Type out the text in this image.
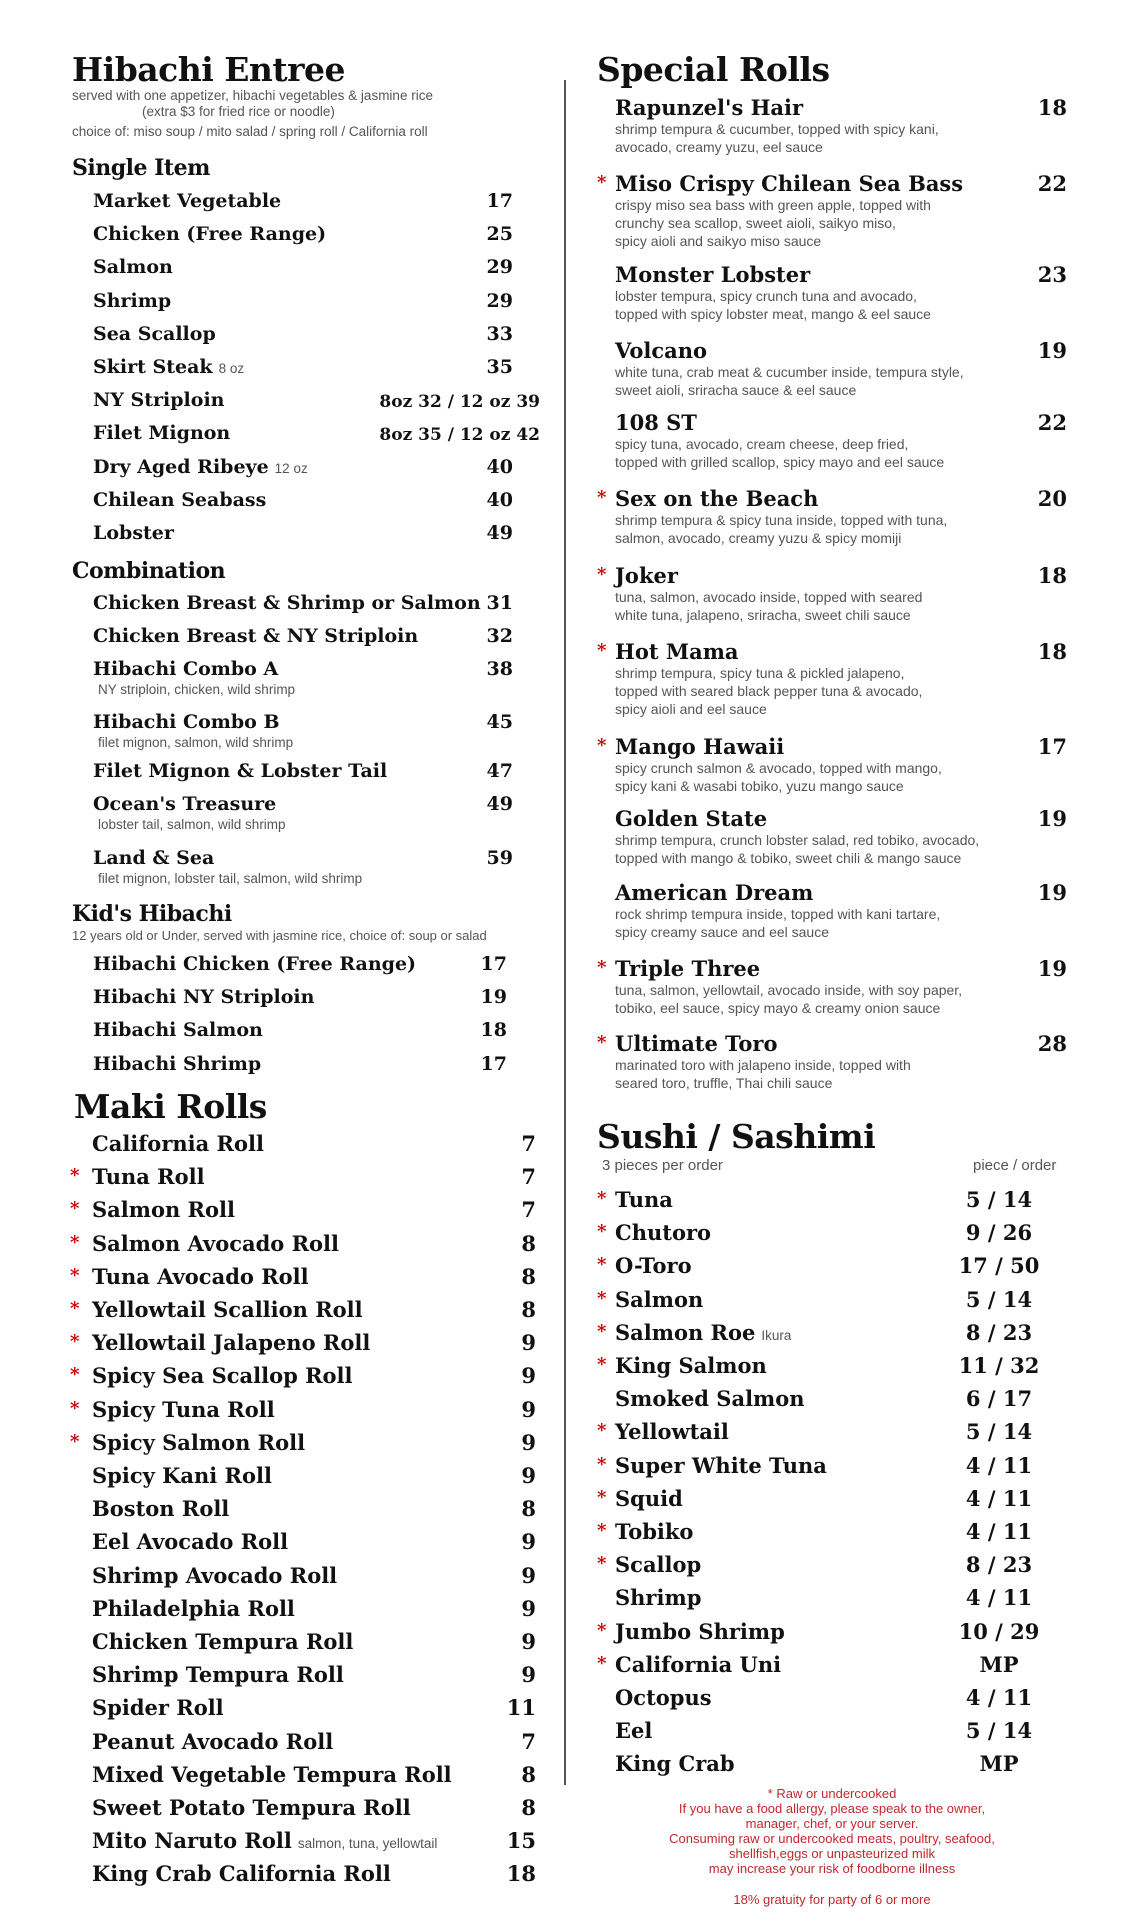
Hibachi Entree
served with one appetizer, hibachi vegetables & jasmine rice
(extra $3 for fried rice or noodle)
choice of: miso soup / mito salad / spring roll / California roll
Single Item
Market Vegetable	17
Chicken (Free Range)	25
Salmon	29
Shrimp	29
Sea Scallop	33
Skirt Steak 8 oz	35
NY Striploin	8oz 32 / 12 oz 39
Filet Mignon	8oz 35 / 12 oz 42
Dry Aged Ribeye 12 oz	40
Chilean Seabass	40
Lobster	49
Combination
Chicken Breast & Shrimp or Salmon 31
Chicken Breast & NY Striploin	32
Hibachi Combo A	38
NY striploin, chicken, wild shrimp
Hibachi Combo B	45
filet mignon, salmon, wild shrimp
Filet Mignon & Lobster Tail	47
Ocean's Treasure	49
lobster tail, salmon, wild shrimp
Land & Sea	59
filet mignon, lobster tail, salmon, wild shrimp
Kid's Hibachi
12 years old or Under, served with jasmine rice, choice of: soup or salad
Hibachi Chicken (Free Range)	17
Hibachi NY Striploin	19
Hibachi Salmon	18
Hibachi Shrimp	17
Maki Rolls
California Roll	7
* Tuna Roll	7
* Salmon Roll	7
* Salmon Avocado Roll	8
* Tuna Avocado Roll	8
* Yellowtail Scallion Roll	8
* Yellowtail Jalapeno Roll	9
* Spicy Sea Scallop Roll	9
* Spicy Tuna Roll	9
* Spicy Salmon Roll	9
Spicy Kani Roll	9
Boston Roll	8
Eel Avocado Roll	9
Shrimp Avocado Roll	9
Philadelphia Roll	9
Chicken Tempura Roll	9
Shrimp Tempura Roll	9
Spider Roll	11
Peanut Avocado Roll	7
Mixed Vegetable Tempura Roll	8
Sweet Potato Tempura Roll	8
Mito Naruto Roll salmon, tuna, yellowtail	15
King Crab California Roll	18
Special Rolls
Rapunzel's Hair	18
shrimp tempura & cucumber, topped with spicy kani,
avocado, creamy yuzu, eel sauce
* Miso Crispy Chilean Sea Bass	22
crispy miso sea bass with green apple, topped with
crunchy sea scallop, sweet aioli, saikyo miso,
spicy aioli and saikyo miso sauce
Monster Lobster	23
lobster tempura, spicy crunch tuna and avocado,
topped with spicy lobster meat, mango & eel sauce
Volcano	19
white tuna, crab meat & cucumber inside, tempura style,
sweet aioli, sriracha sauce & eel sauce
108 ST	22
spicy tuna, avocado, cream cheese, deep fried,
topped with grilled scallop, spicy mayo and eel sauce
* Sex on the Beach	20
shrimp tempura & spicy tuna inside, topped with tuna,
salmon, avocado, creamy yuzu & spicy momiji
* Joker	18
tuna, salmon, avocado inside, topped with seared
white tuna, jalapeno, sriracha, sweet chili sauce
* Hot Mama	18
shrimp tempura, spicy tuna & pickled jalapeno,
topped with seared black pepper tuna & avocado,
spicy aioli and eel sauce
* Mango Hawaii	17
spicy crunch salmon & avocado, topped with mango,
spicy kani & wasabi tobiko, yuzu mango sauce
Golden State	19
shrimp tempura, crunch lobster salad, red tobiko, avocado,
topped with mango & tobiko, sweet chili & mango sauce
American Dream	19
rock shrimp tempura inside, topped with kani tartare,
spicy creamy sauce and eel sauce
* Triple Three	19
tuna, salmon, yellowtail, avocado inside, with soy paper,
tobiko, eel sauce, spicy mayo & creamy onion sauce
* Ultimate Toro	28
marinated toro with jalapeno inside, topped with
seared toro, truffle, Thai chili sauce
Sushi / Sashimi
3 pieces per order	piece / order
* Tuna	5 / 14
* Chutoro	9 / 26
* O-Toro	17 / 50
* Salmon	5 / 14
* Salmon Roe Ikura	8 / 23
* King Salmon	11 / 32
Smoked Salmon	6 / 17
* Yellowtail	5 / 14
* Super White Tuna	4 / 11
* Squid	4 / 11
* Tobiko	4 / 11
* Scallop	8 / 23
Shrimp	4 / 11
* Jumbo Shrimp	10 / 29
* California Uni	MP
Octopus	4 / 11
Eel	5 / 14
King Crab	MP
* Raw or undercooked
If you have a food allergy, please speak to the owner,
manager, chef, or your server.
Consuming raw or undercooked meats, poultry, seafood,
shellfish,eggs or unpasteurized milk
may increase your risk of foodborne illness
18% gratuity for party of 6 or more
